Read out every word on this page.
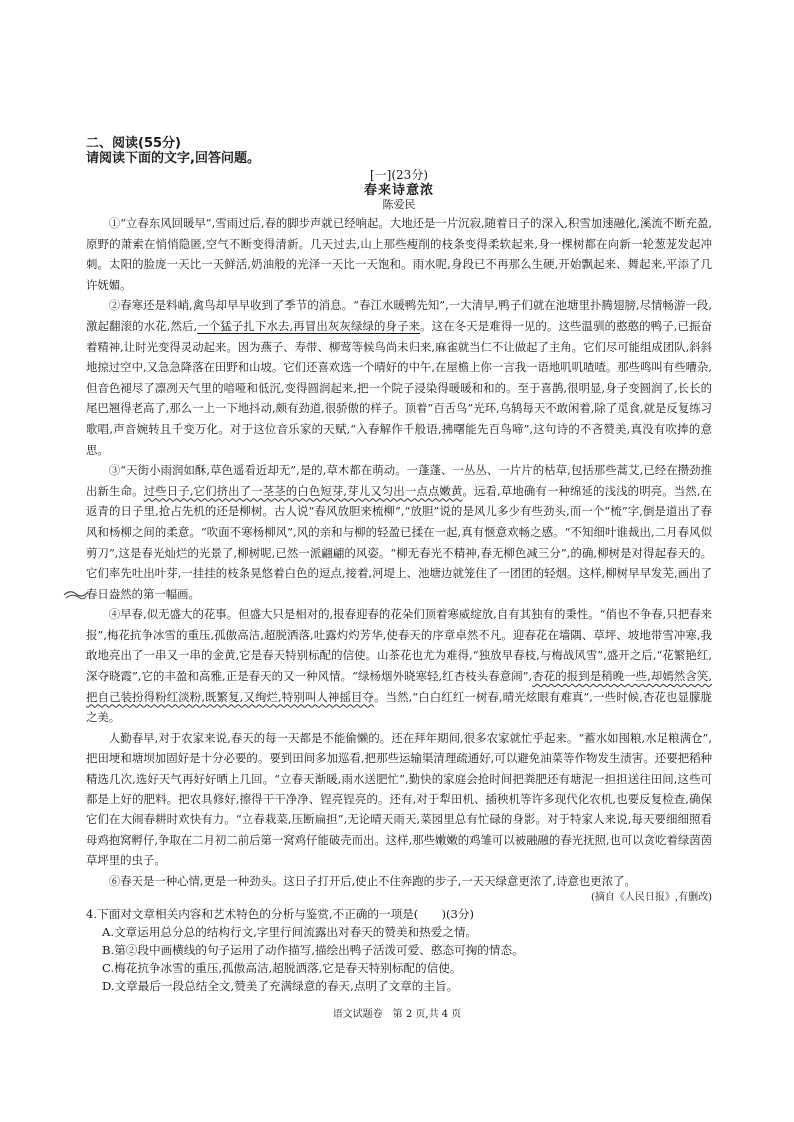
二、阅读(55分)

请阅读下面的文字,回答问题。

[一](23分)

春来诗意浓

陈爱民

①“立春东风回暖早”,雪雨过后,春的脚步声就已经响起。大地还是一片沉寂,随着日子的深入,积雪加速融化,溪流不断充盈,原野的萧索在悄悄隐匿,空气不断变得清新。几天过去,山上那些瘦削的枝条变得柔软起来,身一棵树都在向新一轮葱茏发起冲刺。太阳的脸庞一天比一天鲜活,奶油般的光泽一天比一天饱和。雨水呢,身段已不再那么生硬,开始飘起来、舞起来,平添了几许妩媚。

②春寒还是料峭,禽鸟却早早收到了季节的消息。“春江水暖鸭先知”,一大清早,鸭子们就在池塘里扑腾翅膀,尽情畅游一段,激起翻滚的水花,然后,一个猛子扎下水去,再冒出灰灰绿绿的身子来。这在冬天是难得一见的。这些温驯的憨憨的鸭子,已振奋着精神,让时光变得灵动起来。因为燕子、寿带、柳莺等候鸟尚未归来,麻雀就当仁不让做起了主角。它们尽可能组成团队,斜斜地掠过空中,又急急降落在田野和山坡。它们还喜欢选一个晴好的中午,在屋檐上你一言我一语地叽叽喳喳。那些鸣叫有些嘈杂,但音色褪尽了凛冽天气里的喑哑和低沉,变得圆润起来,把一个院子浸染得暖暖和和的。至于喜鹊,很明显,身子变圆润了,长长的尾巴翘得老高了,那么一上一下地抖动,颇有劲道,很骄傲的样子。顶着“百舌鸟”光环,乌鸫每天不敢闲着,除了觅食,就是反复练习歌唱,声音婉转且千变万化。对于这位音乐家的天赋,“入春解作千般语,拂曙能先百鸟啼”,这句诗的不吝赞美,真没有吹捧的意思。

③“天街小雨润如酥,草色遥看近却无”,是的,草木都在萌动。一蓬蓬、一丛丛、一片片的枯草,包括那些蒿艾,已经在攒劲推出新生命。过些日子,它们挤出了一茎茎的白色短芽,芽儿又匀出一点点嫩黄。远看,草地确有一种绵延的浅浅的明亮。当然,在返青的日子里,抢占先机的还是柳树。古人说“春风放胆来梳柳”,“放胆”说的是风儿多少有些劲头,而一个“梳”字,倒是道出了春风和杨柳之间的柔意。“吹面不寒杨柳风”,风的亲和与柳的轻盈已揉在一起,真有惬意欢畅之感。“不知细叶谁裁出,二月春风似剪刀”,这是春光灿烂的光景了,柳树呢,已然一派翩翩的风姿。“柳无春光不精神,春无柳色减三分”,的确,柳树是对得起春天的。它们率先吐出叶芽,一挂挂的枝条晃悠着白色的逗点,接着,河堤上、池塘边就笼住了一团团的轻烟。这样,柳树早早发芜,画出了春日盎然的第一幅画。

④早春,似无盛大的花事。但盛大只是相对的,报春迎春的花朵们顶着寒威绽放,自有其独有的秉性。“俏也不争春,只把春来报”,梅花抗争冰雪的重压,孤傲高洁,超脱洒落,吐露灼灼芳华,使春天的序章卓然不凡。迎春花在墙隅、草坪、坡地带雪冲寒,我敢地亮出了一串又一串的金黄,它是春天特别标配的信使。山茶花也尤为难得,“独放早春枝,与梅战风雪”,盛开之后,“花繁艳红,深夺晓霞”,它的丰盈和高雅,正是春天的又一种风情。“绿杨烟外晓寒轻,红杏枝头春意闹”,杏花的报到是稍晚一些,却嫣然含笑,把自己装扮得粉红淡粉,既繁复,又绚烂,特别叫人神摇目夺。当然,“白白红红一树春,晴光炫眼有难真”,一些时候,杏花也显朦胧之美。

人勤春早,对于农家来说,春天的每一天都是不能偷懒的。还在拜年期间,很多农家就忙乎起来。“蓄水如囤粮,水足粮满仓”,把田埂和塘坝加固好是十分必要的。要到田间多加巡看,把那些运输渠清理疏通好,可以避免油菜等作物发生渍害。还要把稻种精选几次,选好天气再好好晒上几回。“立春天渐暖,雨水送肥忙”,勤快的家庭会抢时间把粪肥还有塘泥一担担送往田间,这些可都是上好的肥料。把农具修好,擦得干干净净、锃亮锃亮的。还有,对于犁田机、插秧机等许多现代化农机,也要反复检查,确保它们在大闹春耕时欢快有力。“立春栽菜,压断扁担”,无论晴天雨天,菜园里总有忙碌的身影。对于特家人来说,每天要细细照看母鸡抱窝孵仔,争取在二月初二前后第一窝鸡仔能破壳而出。这样,那些嫩嫩的鸡雏可以被融融的春光抚照,也可以贪吃着绿茵茵草坪里的虫子。

⑥春天是一种心情,更是一种劲头。这日子打开后,使止不住奔跑的步子,一天天绿意更浓了,诗意也更浓了。

(摘自《人民日报》,有删改)

4.下面对文章相关内容和艺术特色的分析与鉴赏,不正确的一项是(　　)(3分)

A.文章运用总分总的结构行文,字里行间流露出对春天的赞美和热爱之情。

B.第②段中画横线的句子运用了动作描写,描绘出鸭子活泼可爱、憨态可掬的情态。

C.梅花抗争冰雪的重压,孤傲高洁,超脱洒落,它是春天特别标配的信使。

D.文章最后一段总结全文,赞美了充满绿意的春天,点明了文章的主旨。

语文试题卷　第 2 页,共 4 页
